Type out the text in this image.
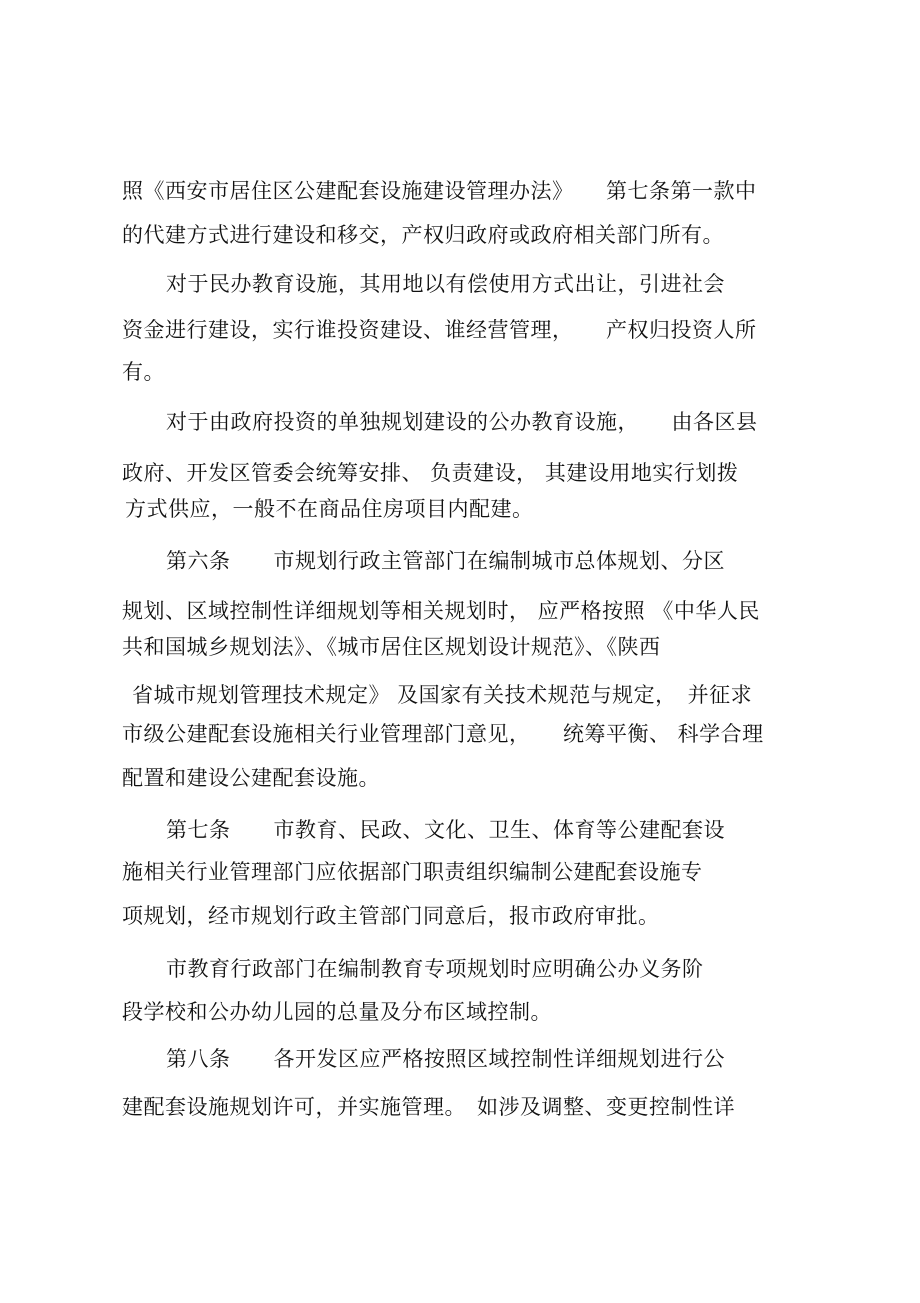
照《西安市居住区公建配套设施建设管理办法》　　第七条第一款中
的代建方式进行建设和移交，产权归政府或政府相关部门所有。
对于民办教育设施，其用地以有偿使用方式出让，引进社会
资金进行建设，实行谁投资建设、谁经营管理，　　产权归投资人所
有。
对于由政府投资的单独规划建设的公办教育设施，　　由各区县
政府、开发区管委会统筹安排、 负责建设， 其建设用地实行划拨
方式供应，一般不在商品住房项目内配建。
第六条　　市规划行政主管部门在编制城市总体规划、分区
规划、区域控制性详细规划等相关规划时， 应严格按照 《中华人民
共和国城乡规划法》、《城市居住区规划设计规范》、《陕西
省城市规划管理技术规定》 及国家有关技术规范与规定，　并征求
市级公建配套设施相关行业管理部门意见，　　统筹平衡、 科学合理
配置和建设公建配套设施。
第七条　　市教育、民政、文化、卫生、体育等公建配套设
施相关行业管理部门应依据部门职责组织编制公建配套设施专
项规划，经市规划行政主管部门同意后，报市政府审批。
市教育行政部门在编制教育专项规划时应明确公办义务阶
段学校和公办幼儿园的总量及分布区域控制。
第八条　　各开发区应严格按照区域控制性详细规划进行公
建配套设施规划许可，并实施管理。　如涉及调整、变更控制性详
